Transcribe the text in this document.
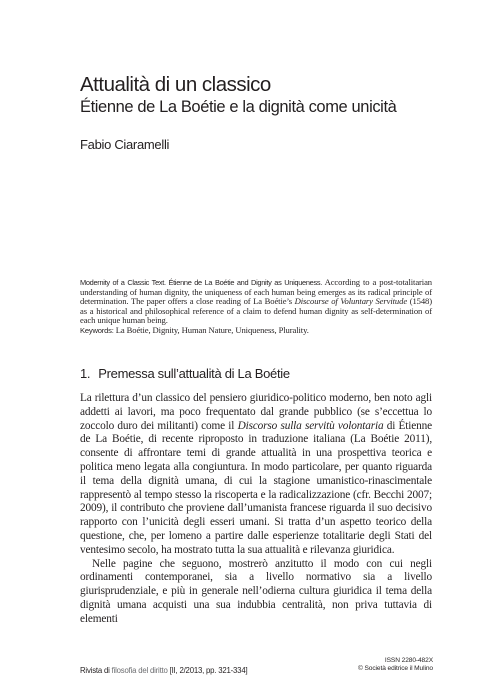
Attualità di un classico
Étienne de La Boétie e la dignità come unicità

Fabio Ciaramelli

Modernity of a Classic Text. Étienne de La Boétie and Dignity as Uniqueness. According to a post-totalitarian understanding of human dignity, the uniqueness of each human being emerges as its radical principle of determination. The paper offers a close reading of La Boétie’s Discourse of Voluntary Servitude (1548) as a historical and philosophical reference of a claim to defend human dignity as self-determination of each unique human being.
Keywords: La Boétie, Dignity, Human Nature, Uniqueness, Plurality.
1. Premessa sull’attualità di La Boétie

La rilettura d’un classico del pensiero giuridico-politico moderno, ben noto agli addetti ai lavori, ma poco frequentato dal grande pubblico (se s’eccettua lo zoccolo duro dei militanti) come il Discorso sulla servitù volontaria di Étienne de La Boétie, di recente riproposto in traduzione italiana (La Boétie 2011), consente di affrontare temi di grande attualità in una prospettiva teorica e politica meno legata alla congiuntura. In modo particolare, per quanto riguarda il tema della dignità umana, di cui la stagione umanistico-rinascimentale rappresentò al tempo stesso la riscoperta e la radicalizzazione (cfr. Becchi 2007; 2009), il contributo che proviene dall’umanista francese riguarda il suo decisivo rapporto con l’unicità degli esseri umani. Si tratta d’un aspetto teorico della questione, che, per lomeno a partire dalle esperienze totalitarie degli Stati del ventesimo secolo, ha mostrato tutta la sua attualità e rilevanza giuridica.

Nelle pagine che seguono, mostrerò anzitutto il modo con cui negli ordinamenti contemporanei, sia a livello normativo sia a livello giurisprudenziale, e più in generale nell’odierna cultura giuridica il tema della dignità umana acquisti una sua indubbia centralità, non priva tuttavia di elementi

Rivista di filosofia del diritto [II, 2/2013, pp. 321-334]
ISSN 2280-482X
© Società editrice il Mulino
